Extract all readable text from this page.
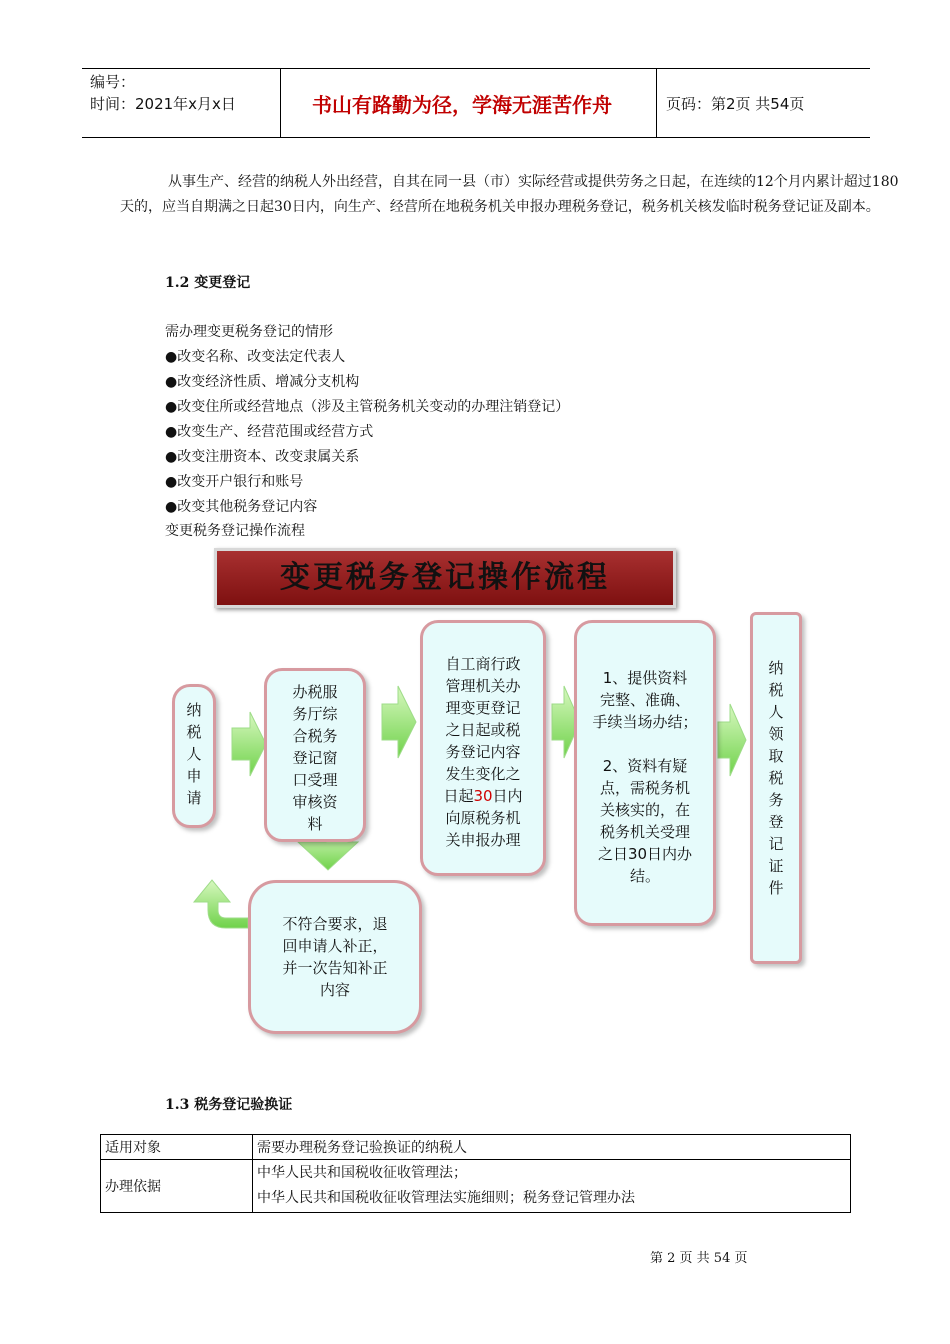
编号：
时间：2021年x月x日	书山有路勤为径，学海无涯苦作舟	页码：第2页 共54页
从事生产、经营的纳税人外出经营，自其在同一县（市）实际经营或提供劳务之日起，在连续的12个月内累计超过180天的，应当自期满之日起30日内，向生产、经营所在地税务机关申报办理税务登记，税务机关核发临时税务登记证及副本。
1.2 变更登记
需办理变更税务登记的情形
●改变名称、改变法定代表人
●改变经济性质、增减分支机构
●改变住所或经营地点（涉及主管税务机关变动的办理注销登记）
●改变生产、经营范围或经营方式
●改变注册资本、改变隶属关系
●改变开户银行和账号
●改变其他税务登记内容
变更税务登记操作流程
变更税务登记操作流程
纳
税
人
申
请
办税服
务厅综
合税务
登记窗
口受理
审核资
料
自工商行政
管理机关办
理变更登记
之日起或税
务登记内容
发生变化之
日起30日内
向原税务机
关申报办理
1、提供资料
完整、准确、
手续当场办结；
2、资料有疑
点，需税务机
关核实的，在
税务机关受理
之日30日内办
结。
纳
税
人
领
取
税
务
登
记
证
件
不符合要求，退
回申请人补正，
并一次告知补正
内容
1.3 税务登记验换证
适用对象	需要办理税务登记验换证的纳税人
办理依据	中华人民共和国税收征收管理法；
中华人民共和国税收征收管理法实施细则；税务登记管理办法
第 2 页 共 54 页
